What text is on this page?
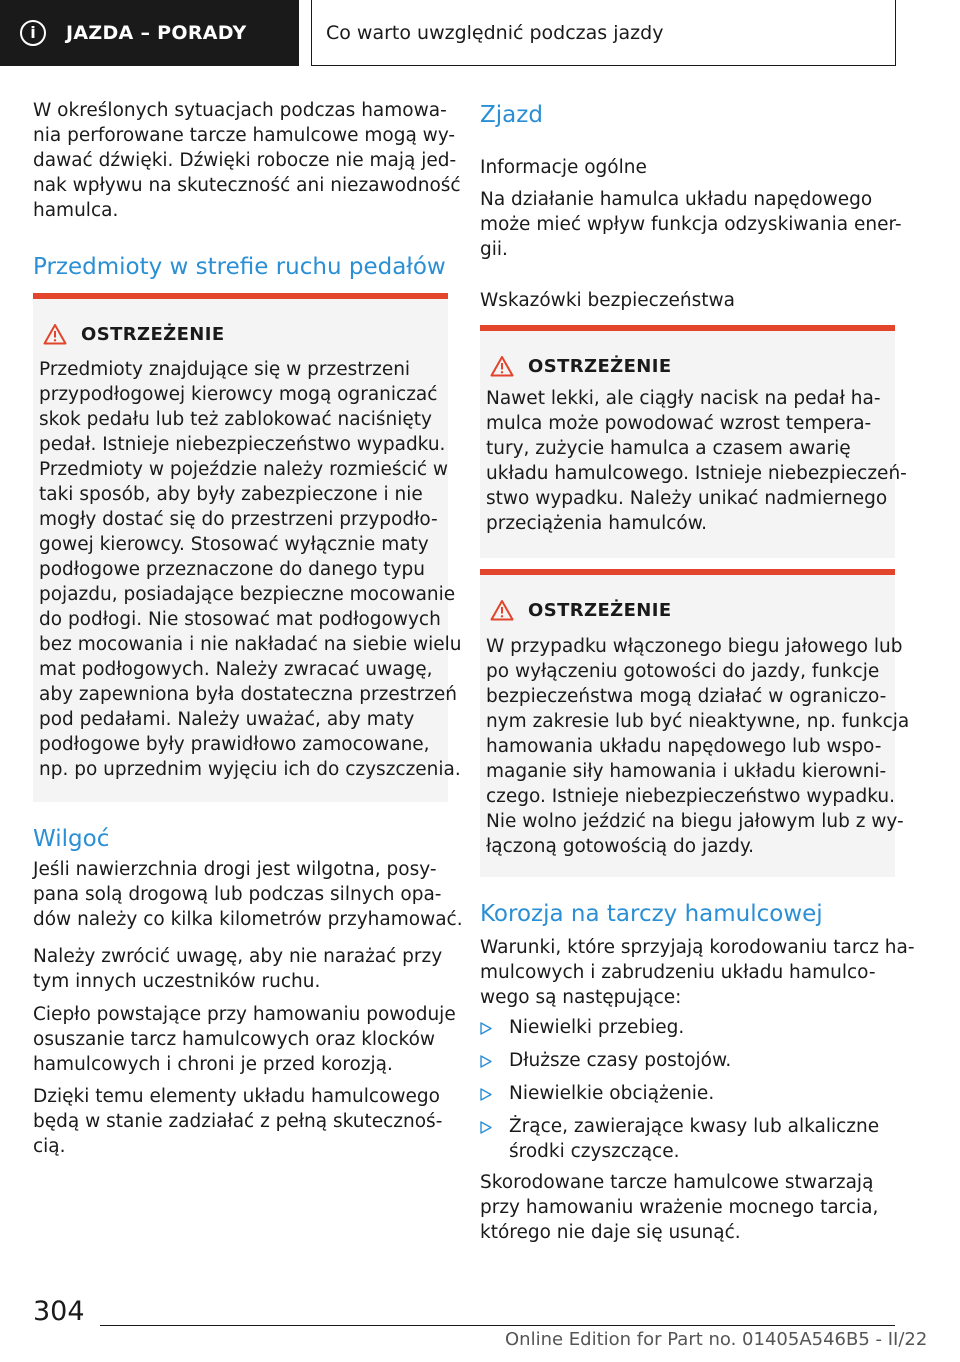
i	JAZDA – PORADY	Co warto uwzględnić podczas jazdy

W określonych sytuacjach podczas hamowa-
nia perforowane tarcze hamulcowe mogą wy-
dawać dźwięki. Dźwięki robocze nie mają jed-
nak wpływu na skuteczność ani niezawodność
hamulca.

Przedmioty w strefie ruchu pedałów
OSTRZEŻENIE
Przedmioty znajdujące się w przestrzeni
przypodłogowej kierowcy mogą ograniczać
skok pedału lub też zablokować naciśnięty
pedał. Istnieje niebezpieczeństwo wypadku.
Przedmioty w pojeździe należy rozmieścić w
taki sposób, aby były zabezpieczone i nie
mogły dostać się do przestrzeni przypodło-
gowej kierowcy. Stosować wyłącznie maty
podłogowe przeznaczone do danego typu
pojazdu, posiadające bezpieczne mocowanie
do podłogi. Nie stosować mat podłogowych
bez mocowania i nie nakładać na siebie wielu
mat podłogowych. Należy zwracać uwagę,
aby zapewniona była dostateczna przestrzeń
pod pedałami. Należy uważać, aby maty
podłogowe były prawidłowo zamocowane,
np. po uprzednim wyjęciu ich do czyszczenia.
Wilgoć

Jeśli nawierzchnia drogi jest wilgotna, posy-
pana solą drogową lub podczas silnych opa-
dów należy co kilka kilometrów przyhamować.

Należy zwrócić uwagę, aby nie narażać przy
tym innych uczestników ruchu.

Ciepło powstające przy hamowaniu powoduje
osuszanie tarcz hamulcowych oraz klocków
hamulcowych i chroni je przed korozją.

Dzięki temu elementy układu hamulcowego
będą w stanie zadziałać z pełną skutecznoś-
cią.

Zjazd
Informacje ogólne

Na działanie hamulca układu napędowego
może mieć wpływ funkcja odzyskiwania ener-
gii.

Wskazówki bezpieczeństwa
OSTRZEŻENIE
Nawet lekki, ale ciągły nacisk na pedał ha-
mulca może powodować wzrost tempera-
tury, zużycie hamulca a czasem awarię
układu hamulcowego. Istnieje niebezpieczeń-
stwo wypadku. Należy unikać nadmiernego
przeciążenia hamulców.
OSTRZEŻENIE
W przypadku włączonego biegu jałowego lub
po wyłączeniu gotowości do jazdy, funkcje
bezpieczeństwa mogą działać w ograniczo-
nym zakresie lub być nieaktywne, np. funkcja
hamowania układu napędowego lub wspo-
maganie siły hamowania i układu kierowni-
czego. Istnieje niebezpieczeństwo wypadku.
Nie wolno jeździć na biegu jałowym lub z wy-
łączoną gotowością do jazdy.
Korozja na tarczy hamulcowej

Warunki, które sprzyjają korodowaniu tarcz ha-
mulcowych i zabrudzeniu układu hamulco-
wego są następujące:

Niewielki przebieg.
Dłuższe czasy postojów.
Niewielkie obciążenie.
Żrące, zawierające kwasy lub alkaliczne
środki czyszczące.

Skorodowane tarcze hamulcowe stwarzają
przy hamowaniu wrażenie mocnego tarcia,
którego nie daje się usunąć.

304
Online Edition for Part no. 01405A546B5 - II/22
